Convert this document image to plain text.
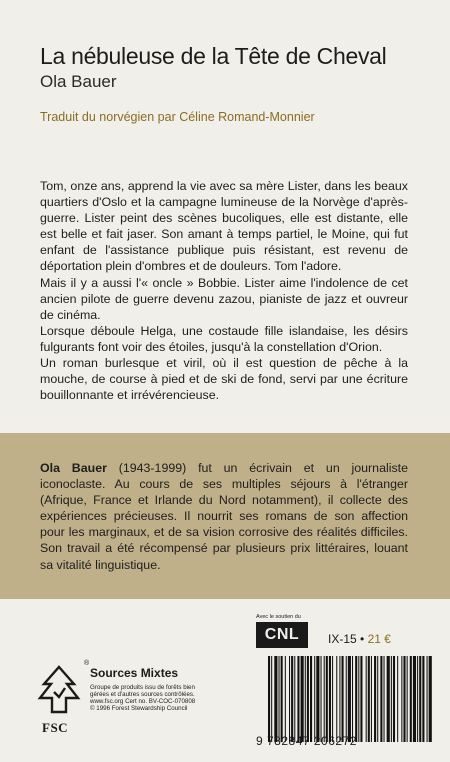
La nébuleuse de la Tête de Cheval
Ola Bauer
Traduit du norvégien par Céline Romand-Monnier

Tom, onze ans, apprend la vie avec sa mère Lister, dans les beaux quartiers d'Oslo et la campagne lumineuse de la Norvège d'après-guerre. Lister peint des scènes bucoliques, elle est distante, elle est belle et fait jaser. Son amant à temps partiel, le Moine, qui fut enfant de l'assistance publique puis résistant, est revenu de déportation plein d'ombres et de douleurs. Tom l'adore.

Mais il y a aussi l'« oncle » Bobbie. Lister aime l'indolence de cet ancien pilote de guerre devenu zazou, pianiste de jazz et ouvreur de cinéma.

Lorsque déboule Helga, une costaude fille islandaise, les désirs fulgurants font voir des étoiles, jusqu'à la constellation d'Orion.

Un roman burlesque et viril, où il est question de pêche à la mouche, de course à pied et de ski de fond, servi par une écriture bouillonnante et irrévérencieuse.

Ola Bauer (1943-1999) fut un écrivain et un journaliste iconoclaste. Au cours de ses multiples séjours à l'étranger (Afrique, France et Irlande du Nord notamment), il collecte des expériences précieuses. Il nourrit ses romans de son affection pour les marginaux, et de sa vision corrosive des réalités difficiles. Son travail a été récompensé par plusieurs prix littéraires, louant sa vitalité linguistique.
®
FSC
Sources Mixtes
Groupe de produits issu de forêts bien
gérées et d'autres sources contrôlées.
www.fsc.org Cert no. BV-COC-070808
© 1996 Forest Stewardship Council
Avec le soutien du
CNL	IX-15 • 21 €
9 782847 206272
